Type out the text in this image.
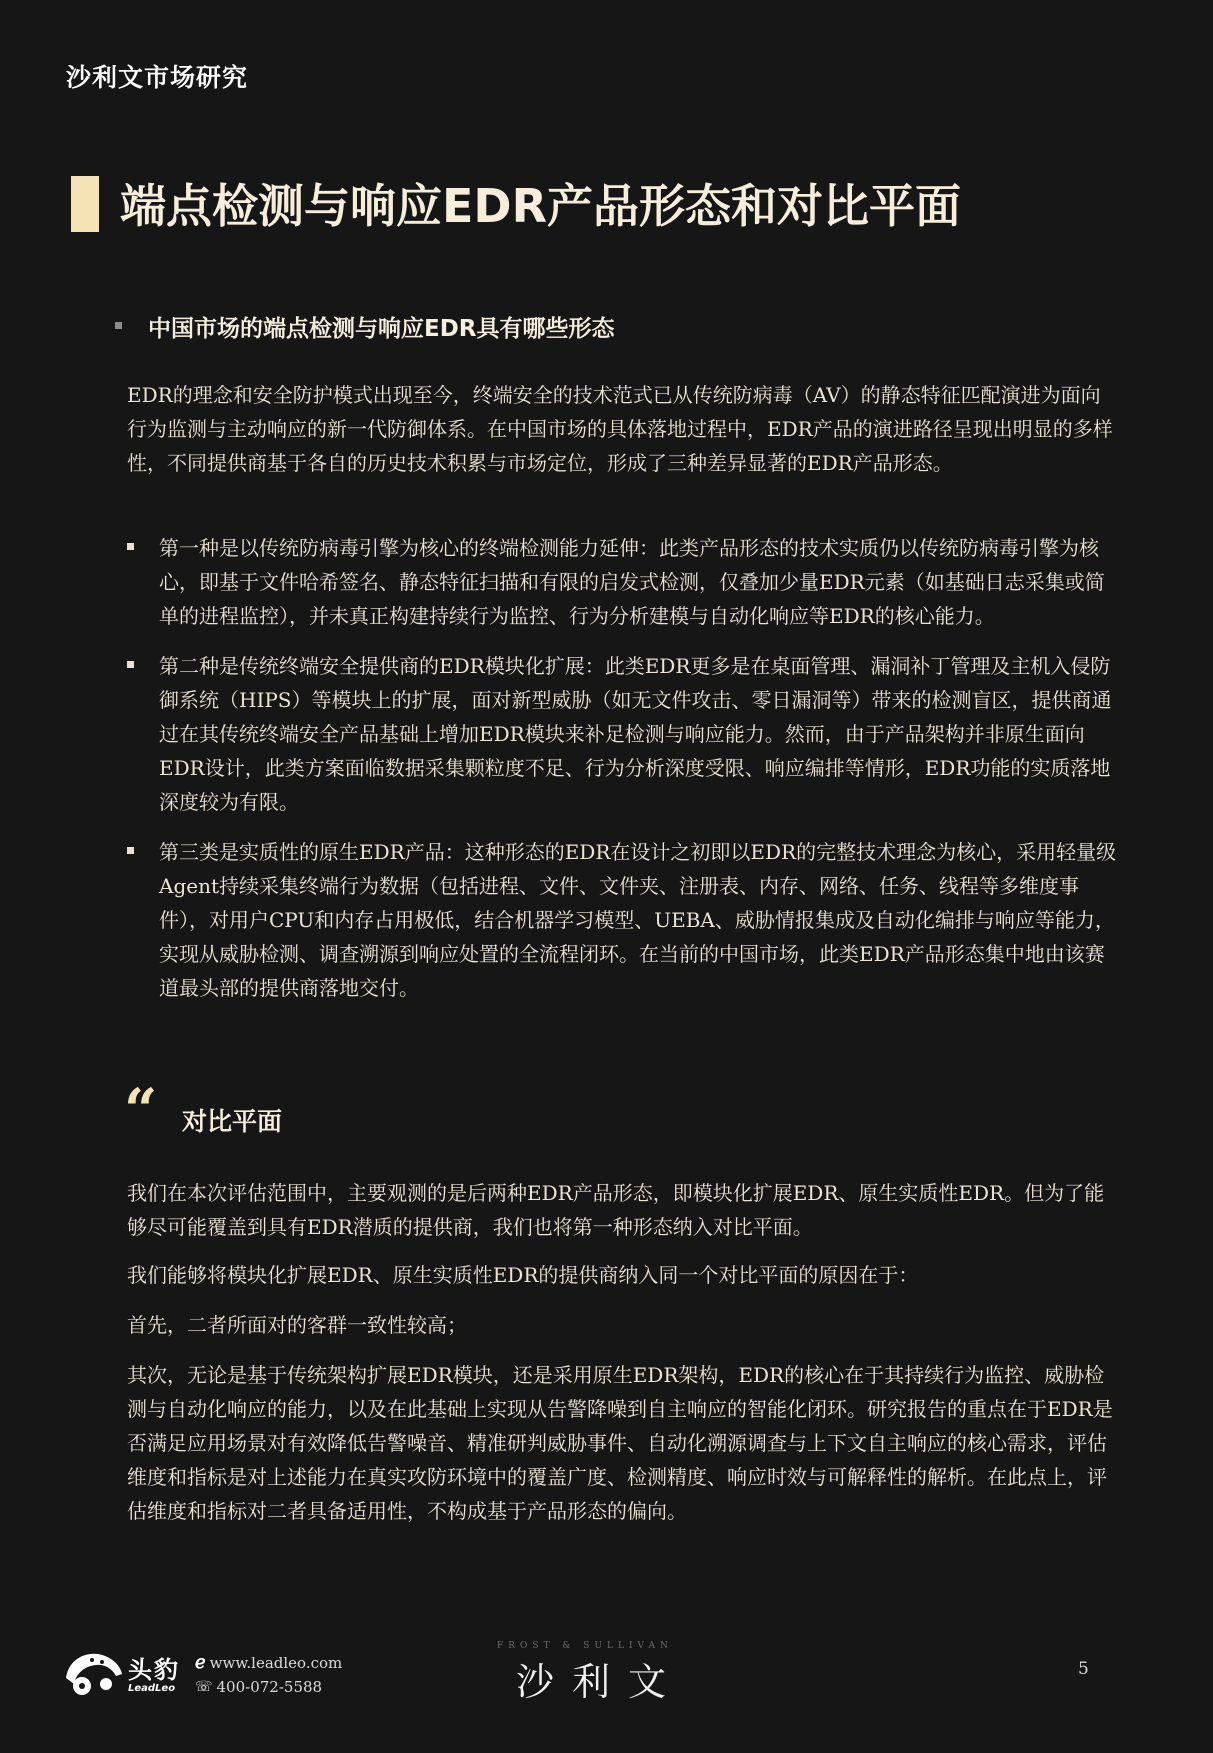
沙利文市场研究
端点检测与响应EDR产品形态和对比平面
中国市场的端点检测与响应EDR具有哪些形态
EDR的理念和安全防护模式出现至今，终端安全的技术范式已从传统防病毒（AV）的静态特征匹配演进为面向行为监测与主动响应的新一代防御体系。在中国市场的具体落地过程中，EDR产品的演进路径呈现出明显的多样性，不同提供商基于各自的历史技术积累与市场定位，形成了三种差异显著的EDR产品形态。
第一种是以传统防病毒引擎为核心的终端检测能力延伸：此类产品形态的技术实质仍以传统防病毒引擎为核心，即基于文件哈希签名、静态特征扫描和有限的启发式检测，仅叠加少量EDR元素（如基础日志采集或简单的进程监控），并未真正构建持续行为监控、行为分析建模与自动化响应等EDR的核心能力。
第二种是传统终端安全提供商的EDR模块化扩展：此类EDR更多是在桌面管理、漏洞补丁管理及主机入侵防御系统（HIPS）等模块上的扩展，面对新型威胁（如无文件攻击、零日漏洞等）带来的检测盲区，提供商通过在其传统终端安全产品基础上增加EDR模块来补足检测与响应能力。然而，由于产品架构并非原生面向EDR设计，此类方案面临数据采集颗粒度不足、行为分析深度受限、响应编排等情形，EDR功能的实质落地深度较为有限。
第三类是实质性的原生EDR产品：这种形态的EDR在设计之初即以EDR的完整技术理念为核心，采用轻量级Agent持续采集终端行为数据（包括进程、文件、文件夹、注册表、内存、网络、任务、线程等多维度事件），对用户CPU和内存占用极低，结合机器学习模型、UEBA、威胁情报集成及自动化编排与响应等能力，实现从威胁检测、调查溯源到响应处置的全流程闭环。在当前的中国市场，此类EDR产品形态集中地由该赛道最头部的提供商落地交付。
“ 对比平面
我们在本次评估范围中，主要观测的是后两种EDR产品形态，即模块化扩展EDR、原生实质性EDR。但为了能够尽可能覆盖到具有EDR潜质的提供商，我们也将第一种形态纳入对比平面。
我们能够将模块化扩展EDR、原生实质性EDR的提供商纳入同一个对比平面的原因在于：
首先，二者所面对的客群一致性较高；
其次，无论是基于传统架构扩展EDR模块，还是采用原生EDR架构，EDR的核心在于其持续行为监控、威胁检测与自动化响应的能力，以及在此基础上实现从告警降噪到自主响应的智能化闭环。研究报告的重点在于EDR是否满足应用场景对有效降低告警噪音、精准研判威胁事件、自动化溯源调查与上下文自主响应的核心需求，评估维度和指标是对上述能力在真实攻防环境中的覆盖广度、检测精度、响应时效与可解释性的解析。在此点上，评估维度和指标对二者具备适用性，不构成基于产品形态的偏向。
头豹
LeadLeo
ℯ www.leadleo.com
☏ 400-072-5588
FROST & SULLIVAN
沙利文	5
